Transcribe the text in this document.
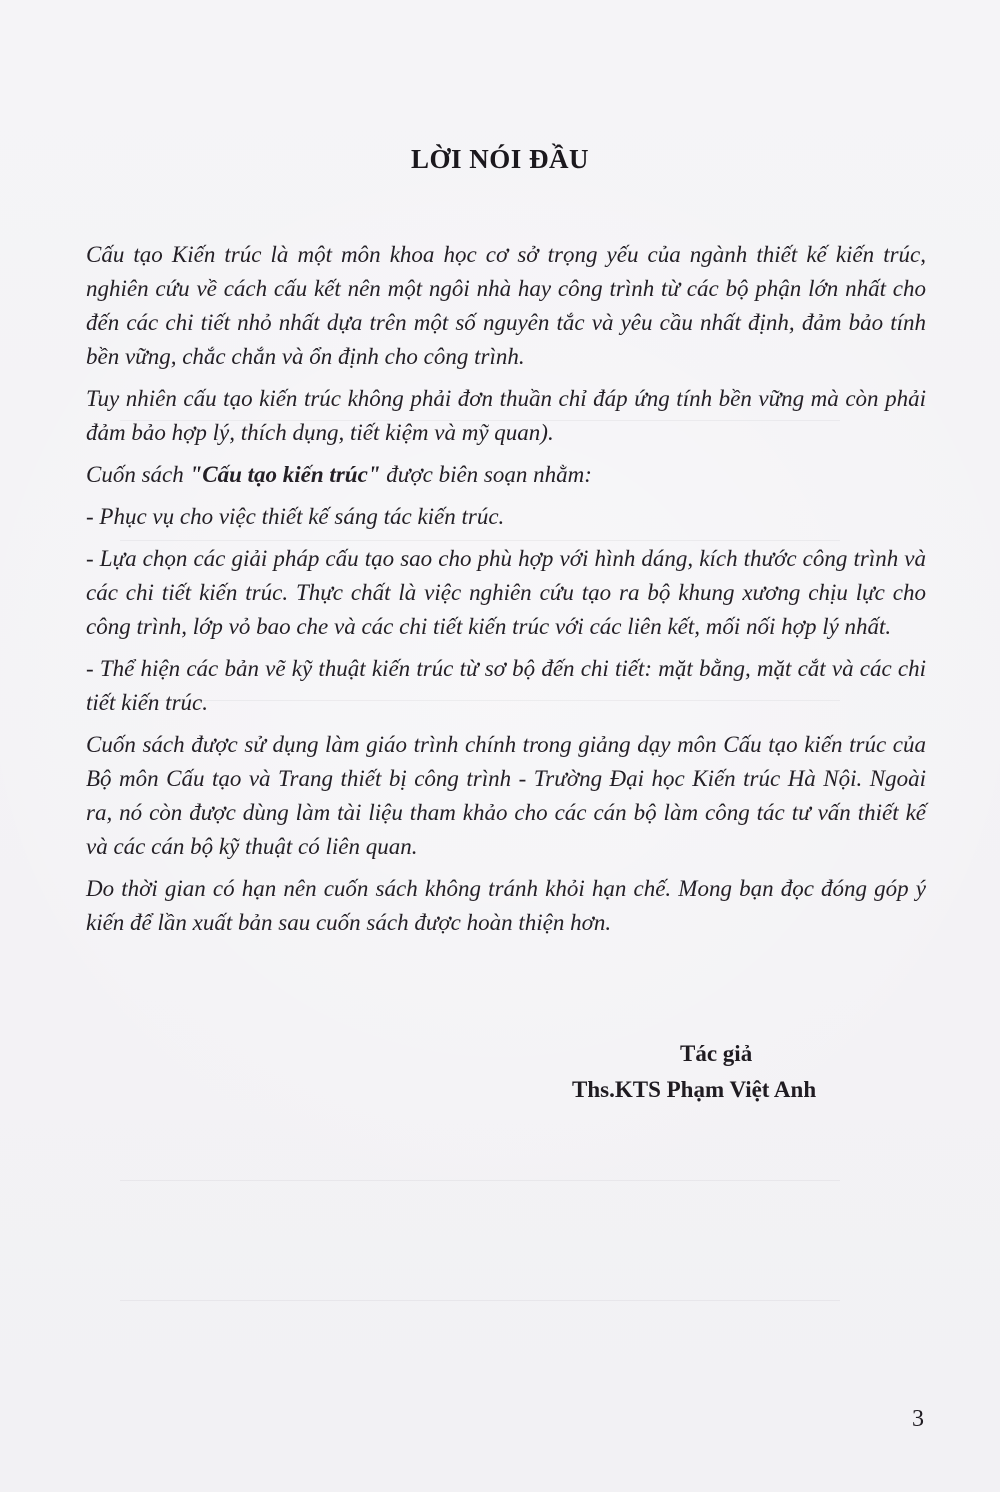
LỜI NÓI ĐẦU

Cấu tạo Kiến trúc là một môn khoa học cơ sở trọng yếu của ngành thiết kế kiến trúc, nghiên cứu về cách cấu kết nên một ngôi nhà hay công trình từ các bộ phận lớn nhất cho đến các chi tiết nhỏ nhất dựa trên một số nguyên tắc và yêu cầu nhất định, đảm bảo tính bền vững, chắc chắn và ổn định cho công trình.

Tuy nhiên cấu tạo kiến trúc không phải đơn thuần chỉ đáp ứng tính bền vững mà còn phải đảm bảo hợp lý, thích dụng, tiết kiệm và mỹ quan).

Cuốn sách "Cấu tạo kiến trúc" được biên soạn nhằm:

- Phục vụ cho việc thiết kế sáng tác kiến trúc.

- Lựa chọn các giải pháp cấu tạo sao cho phù hợp với hình dáng, kích thước công trình và các chi tiết kiến trúc. Thực chất là việc nghiên cứu tạo ra bộ khung xương chịu lực cho công trình, lớp vỏ bao che và các chi tiết kiến trúc với các liên kết, mối nối hợp lý nhất.

- Thể hiện các bản vẽ kỹ thuật kiến trúc từ sơ bộ đến chi tiết: mặt bằng, mặt cắt và các chi tiết kiến trúc.

Cuốn sách được sử dụng làm giáo trình chính trong giảng dạy môn Cấu tạo kiến trúc của Bộ môn Cấu tạo và Trang thiết bị công trình - Trường Đại học Kiến trúc Hà Nội. Ngoài ra, nó còn được dùng làm tài liệu tham khảo cho các cán bộ làm công tác tư vấn thiết kế và các cán bộ kỹ thuật có liên quan.

Do thời gian có hạn nên cuốn sách không tránh khỏi hạn chế. Mong bạn đọc đóng góp ý kiến để lần xuất bản sau cuốn sách được hoàn thiện hơn.

Tác giả
Ths.KTS Phạm Việt Anh
3
